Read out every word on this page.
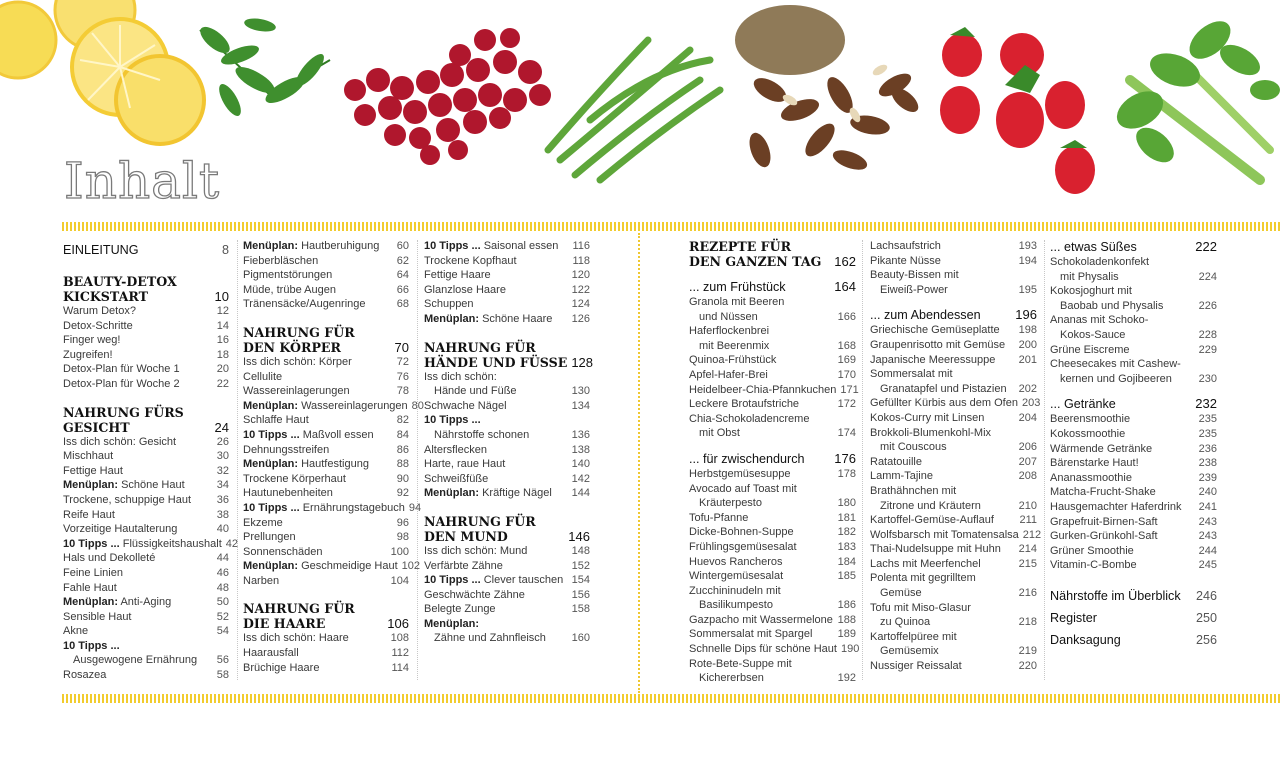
Inhalt
EINLEITUNG	8
BEAUTY-DETOX
KICKSTART	10
Warum Detox?	12
Detox-Schritte	14
Finger weg!	16
Zugreifen!	18
Detox-Plan für Woche 1	20
Detox-Plan für Woche 2	22
NAHRUNG FÜRS
GESICHT	24
Iss dich schön: Gesicht	26
Mischhaut	30
Fettige Haut	32
Menüplan: Schöne Haut	34
Trockene, schuppige Haut	36
Reife Haut	38
Vorzeitige Hautalterung	40
10 Tipps ... Flüssigkeitshaushalt 42
Hals und Dekolleté	44
Feine Linien	46
Fahle Haut	48
Menüplan: Anti-Aging	50
Sensible Haut	52
Akne	54
10 Tipps ...
Ausgewogene Ernährung	56
Rosazea	58
Menüplan: Hautberuhigung	60
Fieberbläschen	62
Pigmentstörungen	64
Müde, trübe Augen	66
Tränensäcke/Augenringe	68
NAHRUNG FÜR
DEN KÖRPER	70
Iss dich schön: Körper	72
Cellulite	76
Wassereinlagerungen	78
Menüplan: Wassereinlagerungen 80
Schlaffe Haut	82
10 Tipps ... Maßvoll essen	84
Dehnungsstreifen	86
Menüplan: Hautfestigung	88
Trockene Körperhaut	90
Hautunebenheiten	92
10 Tipps ... Ernährungstagebuch 94
Ekzeme	96
Prellungen	98
Sonnenschäden	100
Menüplan: Geschmeidige Haut 102
Narben	104
NAHRUNG FÜR
DIE HAARE	106
Iss dich schön: Haare	108
Haarausfall	112
Brüchige Haare	114
10 Tipps ... Saisonal essen	116
Trockene Kopfhaut	118
Fettige Haare	120
Glanzlose Haare	122
Schuppen	124
Menüplan: Schöne Haare	126
NAHRUNG FÜR
HÄNDE UND FÜSSE 128
Iss dich schön:
Hände und Füße	130
Schwache Nägel	134
10 Tipps ...
Nährstoffe schonen	136
Altersflecken	138
Harte, raue Haut	140
Schweißfüße	142
Menüplan: Kräftige Nägel	144
NAHRUNG FÜR
DEN MUND	146
Iss dich schön: Mund	148
Verfärbte Zähne	152
10 Tipps ... Clever tauschen 154
Geschwächte Zähne	156
Belegte Zunge	158
Menüplan:
Zähne und Zahnfleisch	160
REZEPTE FÜR
DEN GANZEN TAG 162
... zum Frühstück	164
Granola mit Beeren
und Nüssen	166
Haferflockenbrei
mit Beerenmix	168
Quinoa-Frühstück	169
Apfel-Hafer-Brei	170
Heidelbeer-Chia-Pfannkuchen 171
Leckere Brotaufstriche	172
Chia-Schokoladencreme
mit Obst	174
... für zwischendurch	176
Herbstgemüsesuppe	178
Avocado auf Toast mit
Kräuterpesto	180
Tofu-Pfanne	181
Dicke-Bohnen-Suppe	182
Frühlingsgemüsesalat	183
Huevos Rancheros	184
Wintergemüsesalat	185
Zucchininudeln mit
Basilikumpesto	186
Gazpacho mit Wassermelone 188
Sommersalat mit Spargel	189
Schnelle Dips für schöne Haut 190
Rote-Bete-Suppe mit
Kichererbsen	192
Lachsaufstrich	193
Pikante Nüsse	194
Beauty-Bissen mit
Eiweiß-Power	195
... zum Abendessen	196
Griechische Gemüseplatte	198
Graupenrisotto mit Gemüse	200
Japanische Meeressuppe	201
Sommersalat mit
Granatapfel und Pistazien	202
Gefüllter Kürbis aus dem Ofen 203
Kokos-Curry mit Linsen	204
Brokkoli-Blumenkohl-Mix
mit Couscous	206
Ratatouille	207
Lamm-Tajine	208
Brathähnchen mit
Zitrone und Kräutern	210
Kartoffel-Gemüse-Auflauf	211
Wolfsbarsch mit Tomatensalsa 212
Thai-Nudelsuppe mit Huhn	214
Lachs mit Meerfenchel	215
Polenta mit gegrilltem
Gemüse	216
Tofu mit Miso-Glasur
zu Quinoa	218
Kartoffelpüree mit
Gemüsemix	219
Nussiger Reissalat	220
... etwas Süßes	222
Schokoladenkonfekt
mit Physalis	224
Kokosjoghurt mit
Baobab und Physalis	226
Ananas mit Schoko-
Kokos-Sauce	228
Grüne Eiscreme	229
Cheesecakes mit Cashew-
kernen und Gojibeeren	230
... Getränke	232
Beerensmoothie	235
Kokossmoothie	235
Wärmende Getränke	236
Bärenstarke Haut!	238
Ananassmoothie	239
Matcha-Frucht-Shake	240
Hausgemachter Haferdrink	241
Grapefruit-Birnen-Saft	243
Gurken-Grünkohl-Saft	243
Grüner Smoothie	244
Vitamin-C-Bombe	245
Nährstoffe im Überblick	246
Register	250
Danksagung	256
